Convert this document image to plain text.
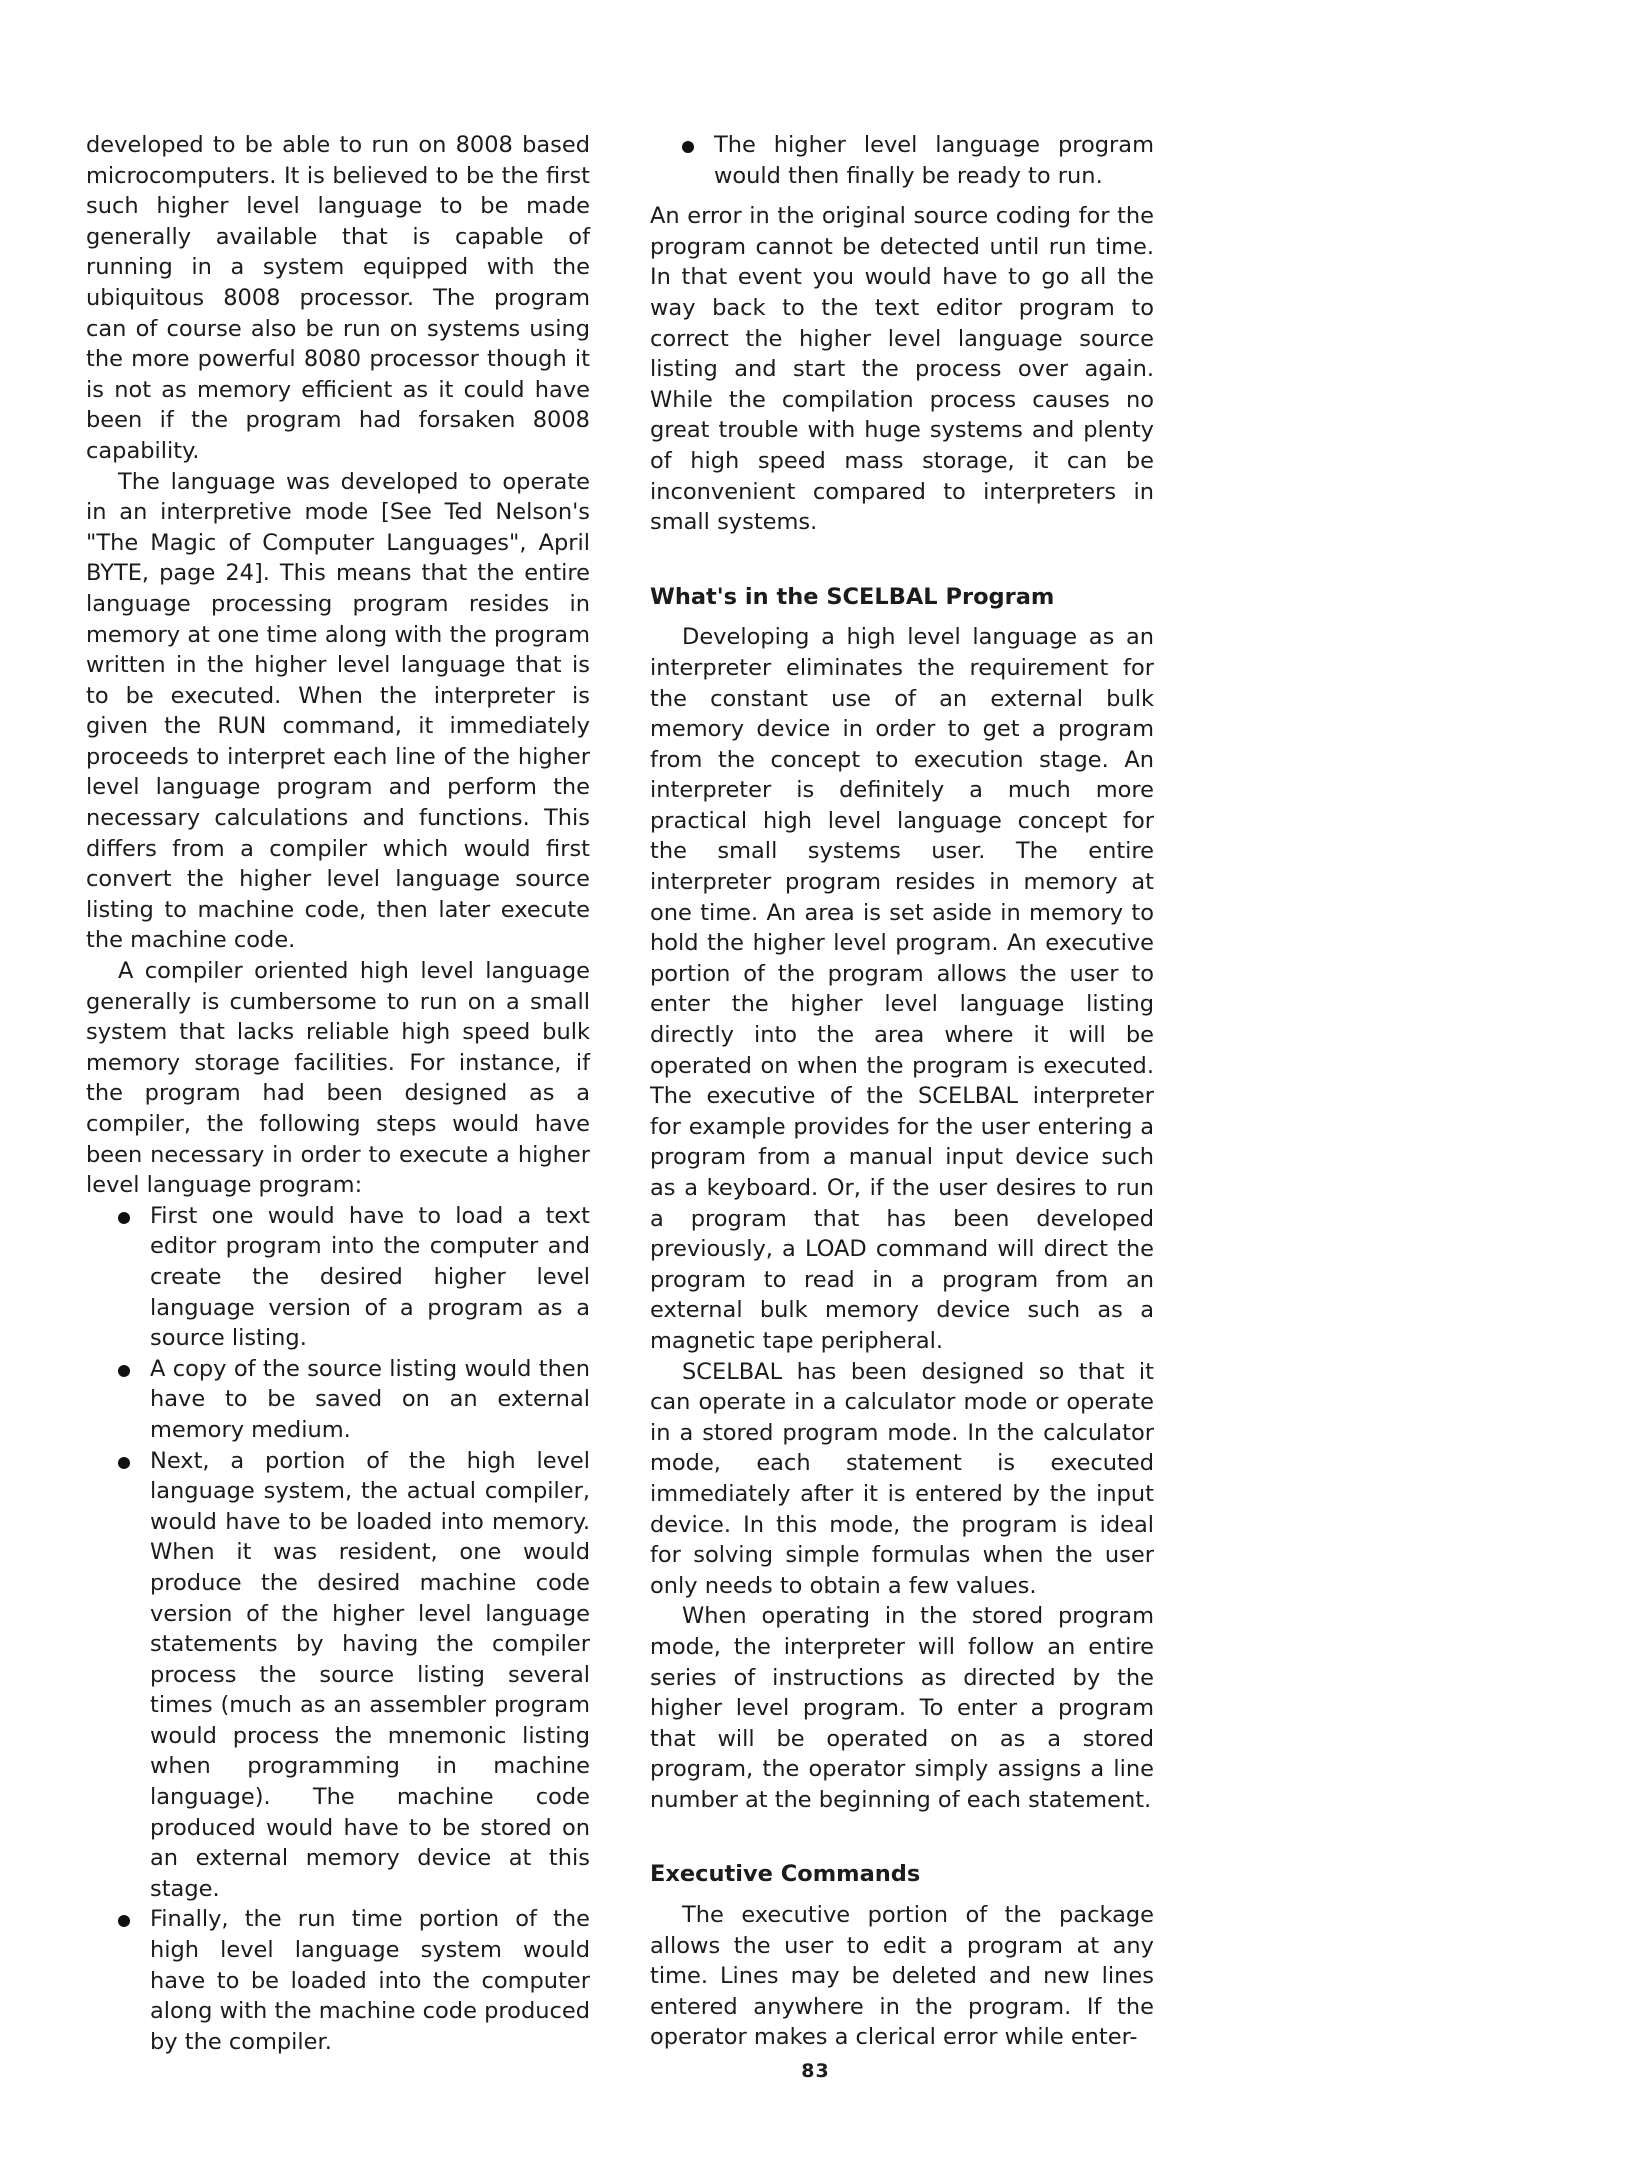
developed to be able to run on 8008 based microcomputers. It is believed to be the first such higher level language to be made generally available that is capable of running in a system equipped with the ubiquitous 8008 processor. The program can of course also be run on systems using the more powerful 8080 processor though it is not as memory efficient as it could have been if the program had forsaken 8008 capability.

The language was developed to operate in an interpretive mode [See Ted Nelson's "The Magic of Computer Languages", April BYTE, page 24]. This means that the entire language processing program resides in memory at one time along with the program written in the higher level language that is to be executed. When the interpreter is given the RUN command, it immediately proceeds to interpret each line of the higher level language program and perform the necessary calculations and functions. This differs from a compiler which would first convert the higher level language source listing to machine code, then later execute the machine code.

A compiler oriented high level language generally is cumbersome to run on a small system that lacks reliable high speed bulk memory storage facilities. For instance, if the program had been designed as a compiler, the following steps would have been necessary in order to execute a higher level language program:

First one would have to load a text editor program into the computer and create the desired higher level language version of a program as a source listing.
A copy of the source listing would then have to be saved on an external memory medium.
Next, a portion of the high level language system, the actual compiler, would have to be loaded into memory. When it was resident, one would produce the desired machine code version of the higher level language statements by having the compiler process the source listing several times (much as an assembler program would process the mnemonic listing when programming in machine language). The machine code produced would have to be stored on an external memory device at this stage.
Finally, the run time portion of the high level language system would have to be loaded into the computer along with the machine code produced by the compiler.
The higher level language program would then finally be ready to run.

An error in the original source coding for the program cannot be detected until run time. In that event you would have to go all the way back to the text editor program to correct the higher level language source listing and start the process over again. While the compilation process causes no great trouble with huge systems and plenty of high speed mass storage, it can be inconvenient compared to interpreters in small systems.

What's in the SCELBAL Program

Developing a high level language as an interpreter eliminates the requirement for the constant use of an external bulk memory device in order to get a program from the concept to execution stage. An interpreter is definitely a much more practical high level language concept for the small systems user. The entire interpreter program resides in memory at one time. An area is set aside in memory to hold the higher level program. An executive portion of the program allows the user to enter the higher level language listing directly into the area where it will be operated on when the program is executed. The executive of the SCELBAL interpreter for example provides for the user entering a program from a manual input device such as a keyboard. Or, if the user desires to run a program that has been developed previously, a LOAD command will direct the program to read in a program from an external bulk memory device such as a magnetic tape peripheral.

SCELBAL has been designed so that it can operate in a calculator mode or operate in a stored program mode. In the calculator mode, each statement is executed immediately after it is entered by the input device. In this mode, the program is ideal for solving simple formulas when the user only needs to obtain a few values.

When operating in the stored program mode, the interpreter will follow an entire series of instructions as directed by the higher level program. To enter a program that will be operated on as a stored program, the operator simply assigns a line number at the beginning of each statement.

Executive Commands

The executive portion of the package allows the user to edit a program at any time. Lines may be deleted and new lines entered anywhere in the program. If the operator makes a clerical error while enter-

83
